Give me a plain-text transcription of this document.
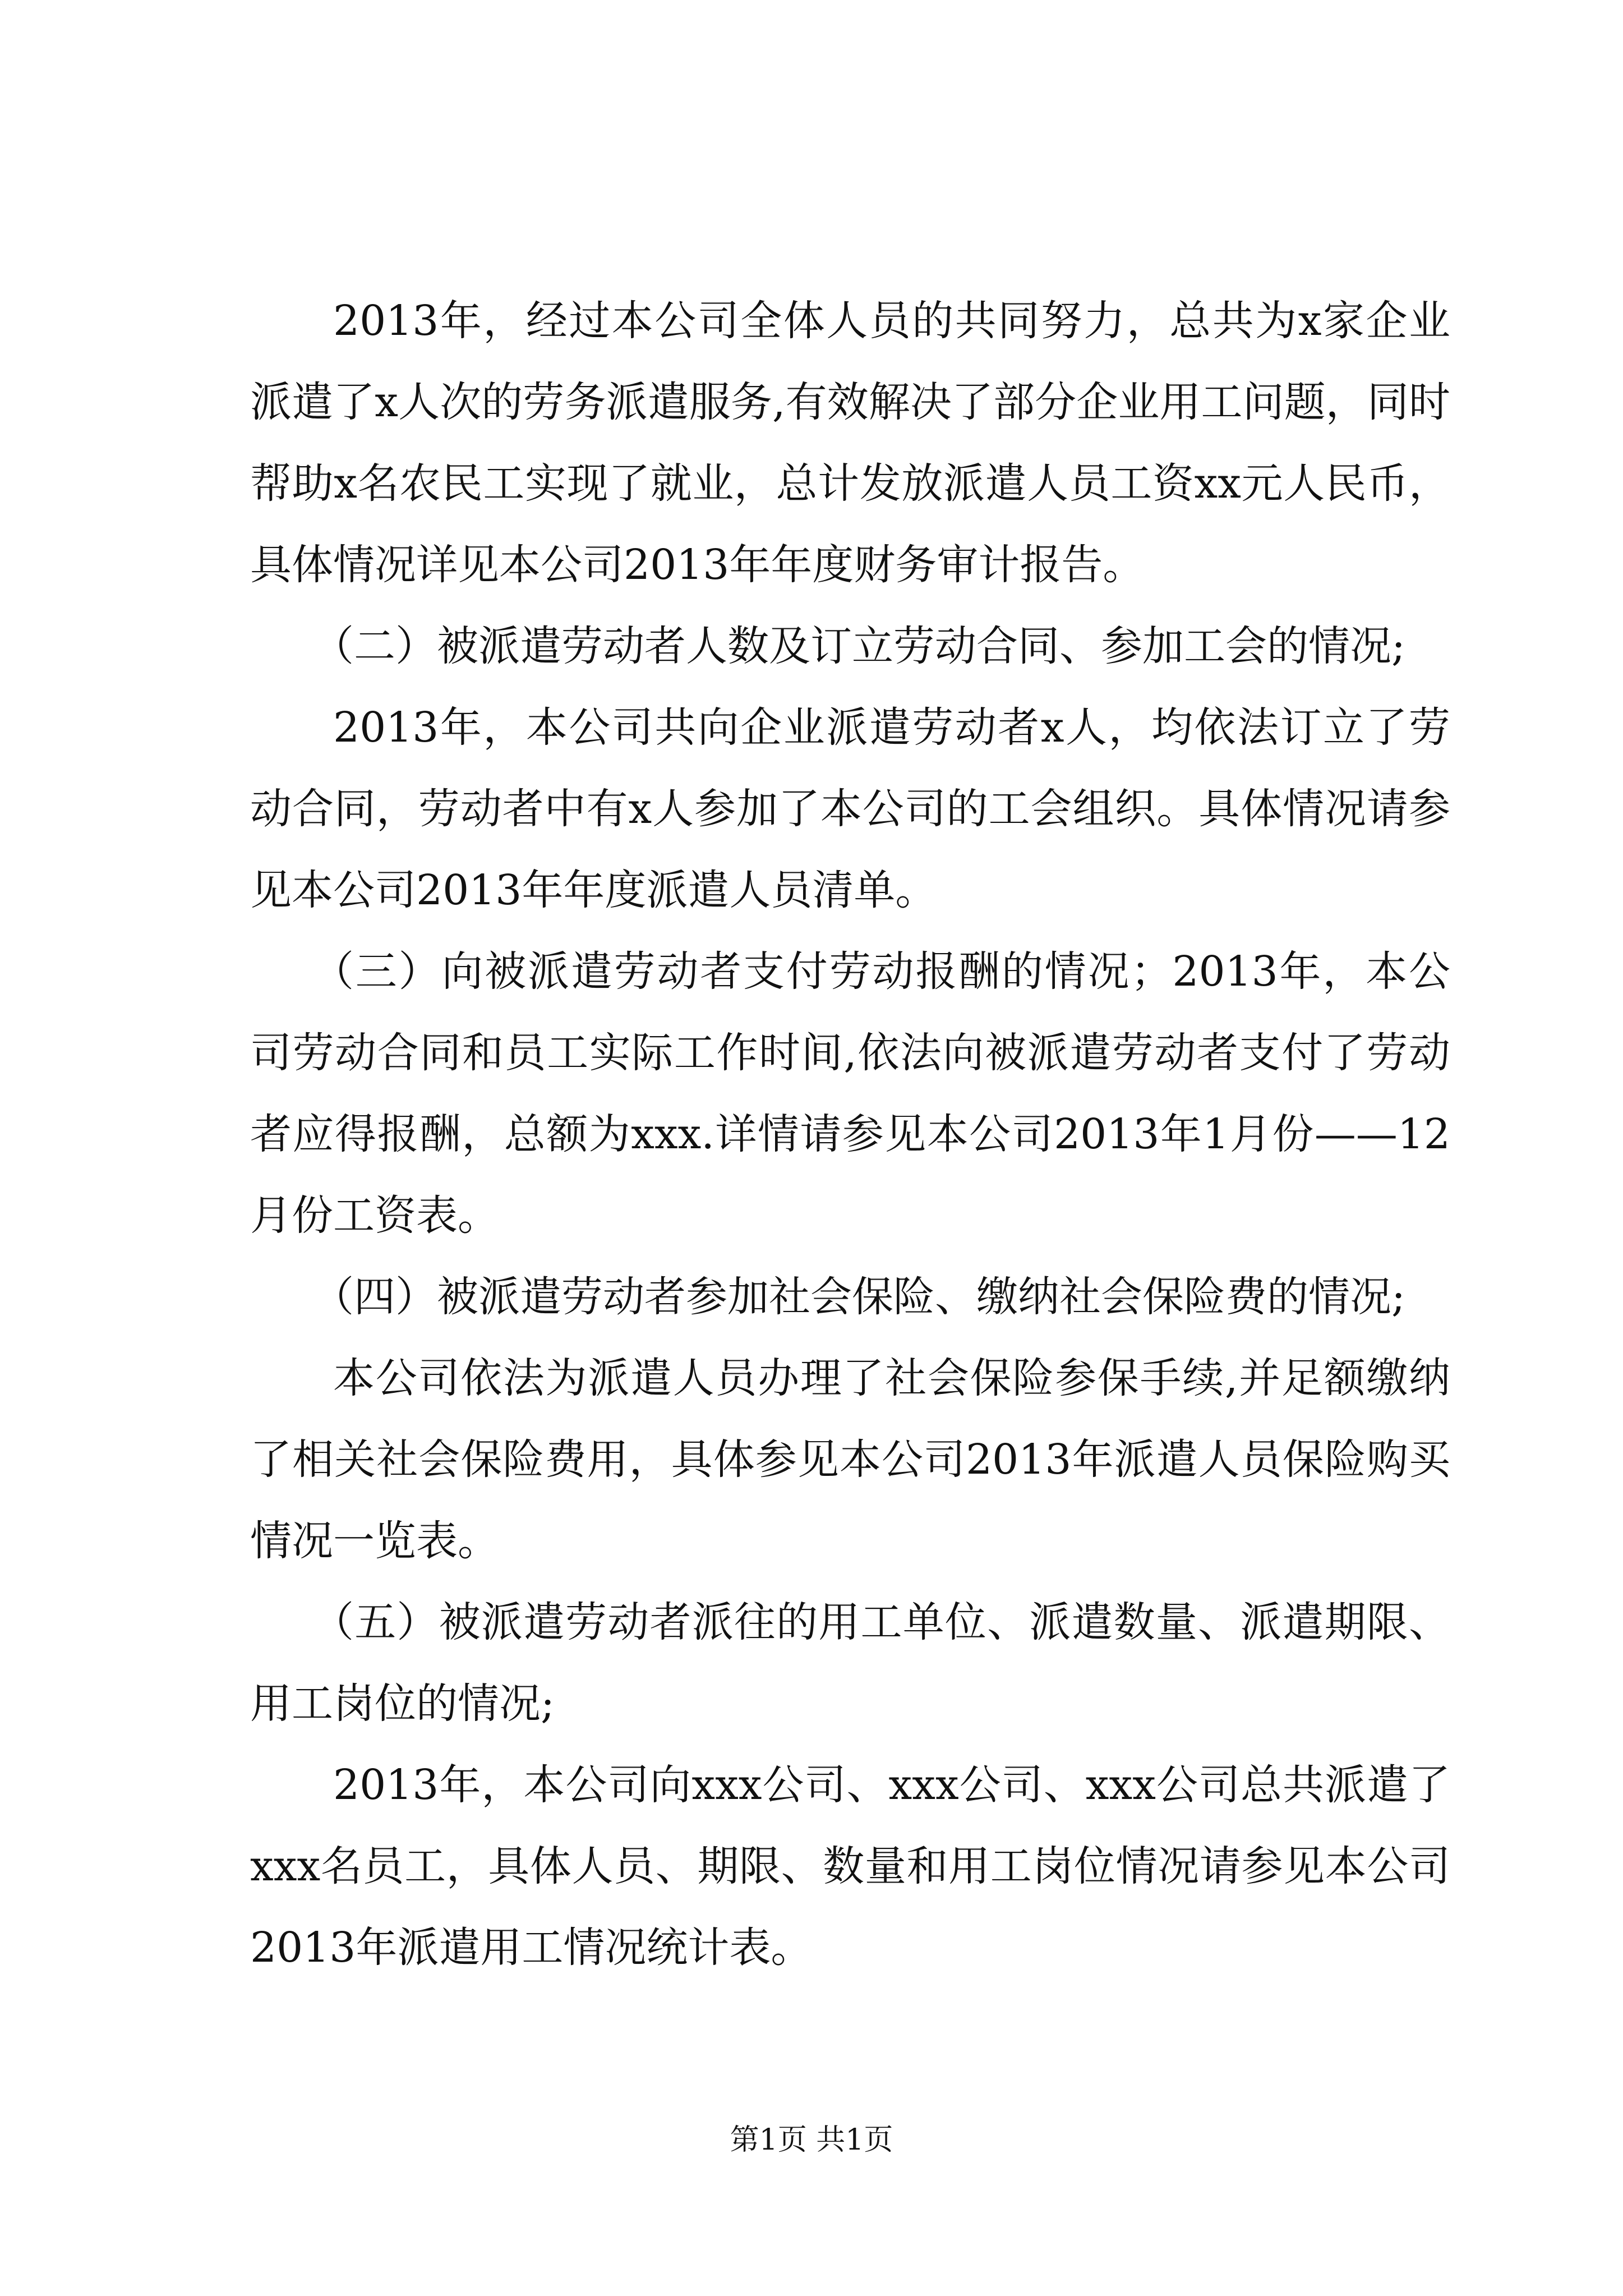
2013年，经过本公司全体人员的共同努力，总共为x家企业派遣了x人次的劳务派遣服务,有效解决了部分企业用工问题，同时帮助x名农民工实现了就业，总计发放派遣人员工资xx元人民币，具体情况详见本公司2013年年度财务审计报告。

（二）被派遣劳动者人数及订立劳动合同、参加工会的情况;

2013年，本公司共向企业派遣劳动者x人，均依法订立了劳动合同，劳动者中有x人参加了本公司的工会组织。具体情况请参见本公司2013年年度派遣人员清单。

（三）向被派遣劳动者支付劳动报酬的情况；2013年，本公司劳动合同和员工实际工作时间,依法向被派遣劳动者支付了劳动者应得报酬，总额为xxx.详情请参见本公司2013年1月份——12月份工资表。

（四）被派遣劳动者参加社会保险、缴纳社会保险费的情况;

本公司依法为派遣人员办理了社会保险参保手续,并足额缴纳了相关社会保险费用，具体参见本公司2013年派遣人员保险购买情况一览表。

（五）被派遣劳动者派往的用工单位、派遣数量、派遣期限、用工岗位的情况;

2013年，本公司向xxx公司、xxx公司、xxx公司总共派遣了xxx名员工，具体人员、期限、数量和用工岗位情况请参见本公司2013年派遣用工情况统计表。

第1页 共1页
